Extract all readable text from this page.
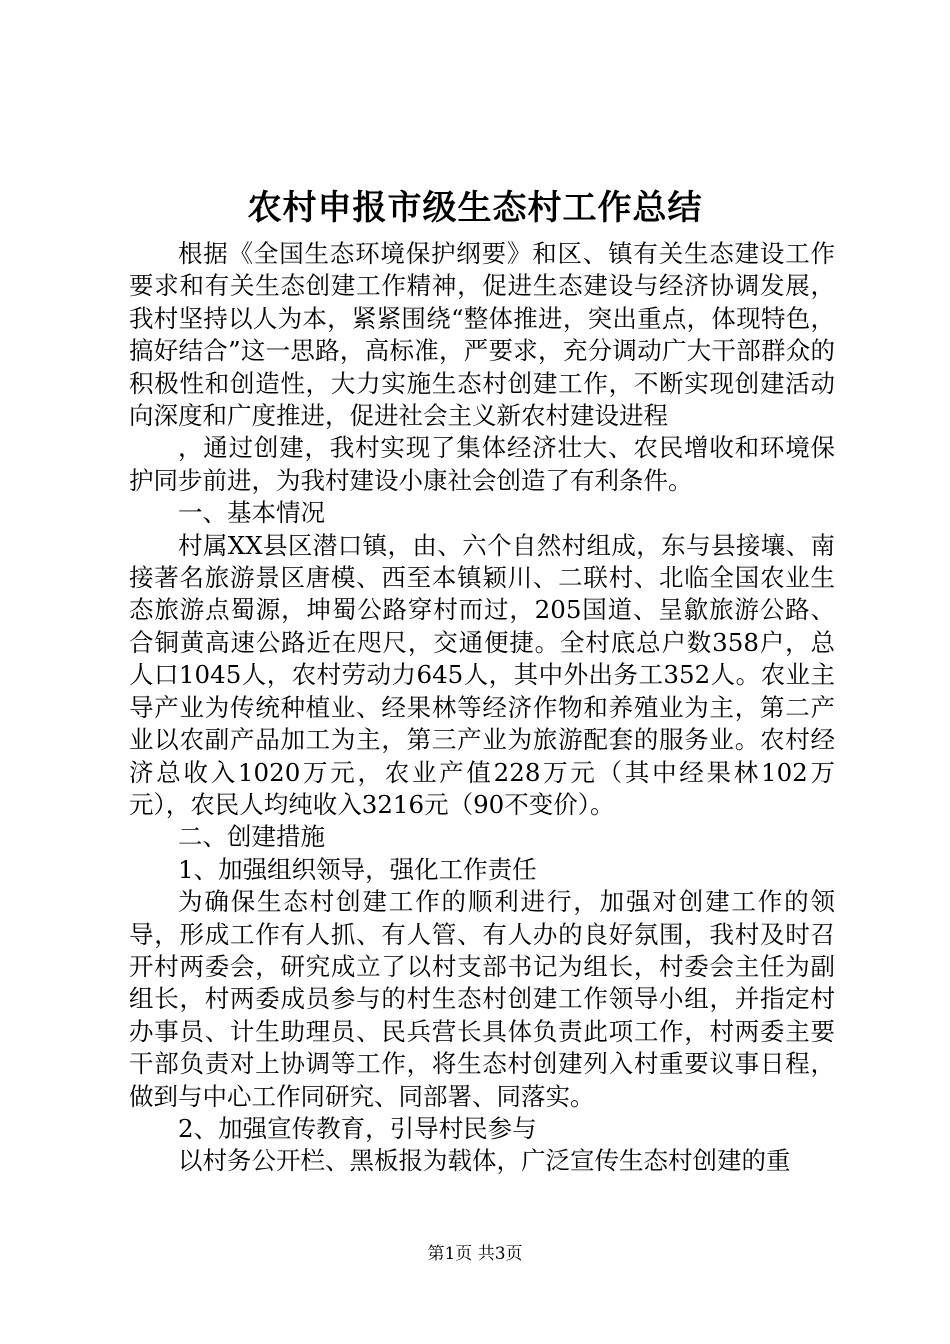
农村申报市级生态村工作总结

根据《全国生态环境保护纲要》和区、镇有关生态建设工作要求和有关生态创建工作精神，促进生态建设与经济协调发展，我村坚持以人为本，紧紧围绕“整体推进，突出重点，体现特色，搞好结合”这一思路，高标准，严要求，充分调动广大干部群众的积极性和创造性，大力实施生态村创建工作，不断实现创建活动向深度和广度推进，促进社会主义新农村建设进程

，通过创建，我村实现了集体经济壮大、农民增收和环境保护同步前进，为我村建设小康社会创造了有利条件。

一、基本情况

村属XX县区潜口镇，由、六个自然村组成，东与县接壤、南接著名旅游景区唐模、西至本镇颖川、二联村、北临全国农业生态旅游点蜀源，坤蜀公路穿村而过，205国道、呈歙旅游公路、合铜黄高速公路近在咫尺，交通便捷。全村底总户数358户，总人口1045人，农村劳动力645人，其中外出务工352人。农业主导产业为传统种植业、经果林等经济作物和养殖业为主，第二产业以农副产品加工为主，第三产业为旅游配套的服务业。农村经济总收入1020万元，农业产值228万元（其中经果林102万元），农民人均纯收入3216元（90不变价）。

二、创建措施

1、加强组织领导，强化工作责任

为确保生态村创建工作的顺利进行，加强对创建工作的领导，形成工作有人抓、有人管、有人办的良好氛围，我村及时召开村两委会，研究成立了以村支部书记为组长，村委会主任为副组长，村两委成员参与的村生态村创建工作领导小组，并指定村办事员、计生助理员、民兵营长具体负责此项工作，村两委主要干部负责对上协调等工作，将生态村创建列入村重要议事日程，做到与中心工作同研究、同部署、同落实。

2、加强宣传教育，引导村民参与

以村务公开栏、黑板报为载体，广泛宣传生态村创建的重

第1页 共3页
